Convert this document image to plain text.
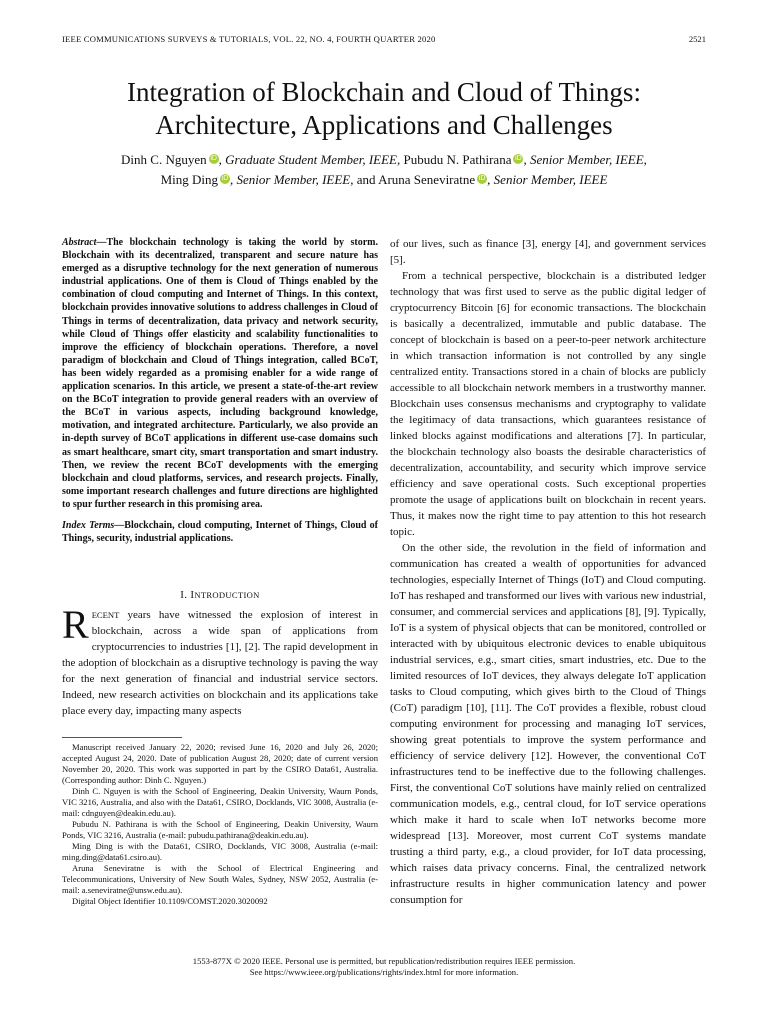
IEEE COMMUNICATIONS SURVEYS & TUTORIALS, VOL. 22, NO. 4, FOURTH QUARTER 2020	2521
Integration of Blockchain and Cloud of Things:
Architecture, Applications and Challenges
Dinh C. Nguyen iD , Graduate Student Member, IEEE, Pubudu N. Pathirana iD , Senior Member, IEEE,
Ming Ding iD , Senior Member, IEEE, and Aruna Seneviratne iD , Senior Member, IEEE

Abstract—The blockchain technology is taking the world by storm. Blockchain with its decentralized, transparent and secure nature has emerged as a disruptive technology for the next generation of numerous industrial applications. One of them is Cloud of Things enabled by the combination of cloud computing and Internet of Things. In this context, blockchain provides innovative solutions to address challenges in Cloud of Things in terms of decentralization, data privacy and network security, while Cloud of Things offer elasticity and scalability functionalities to improve the efficiency of blockchain operations. Therefore, a novel paradigm of blockchain and Cloud of Things integration, called BCoT, has been widely regarded as a promising enabler for a wide range of application scenarios. In this article, we present a state-of-the-art review on the BCoT integration to provide general readers with an overview of the BCoT in various aspects, including background knowledge, motivation, and integrated architecture. Particularly, we also provide an in-depth survey of BCoT applications in different use-case domains such as smart healthcare, smart city, smart transportation and smart industry. Then, we review the recent BCoT developments with the emerging blockchain and cloud platforms, services, and research projects. Finally, some important research challenges and future directions are highlighted to spur further research in this promising area.

Index Terms—Blockchain, cloud computing, Internet of Things, Cloud of Things, security, industrial applications.

I. INTRODUCTION

RECENT years have witnessed the explosion of interest in blockchain, across a wide span of applications from cryptocurrencies to industries [1], [2]. The rapid development in the adoption of blockchain as a disruptive technology is paving the way for the next generation of financial and industrial service sectors. Indeed, new research activities on blockchain and its applications take place every day, impacting many aspects

Manuscript received January 22, 2020; revised June 16, 2020 and July 26, 2020; accepted August 24, 2020. Date of publication August 28, 2020; date of current version November 20, 2020. This work was supported in part by the CSIRO Data61, Australia. (Corresponding author: Dinh C. Nguyen.)

Dinh C. Nguyen is with the School of Engineering, Deakin University, Waurn Ponds, VIC 3216, Australia, and also with the Data61, CSIRO, Docklands, VIC 3008, Australia (e-mail: cdnguyen@deakin.edu.au).

Pubudu N. Pathirana is with the School of Engineering, Deakin University, Waurn Ponds, VIC 3216, Australia (e-mail: pubudu.pathirana@deakin.edu.au).

Ming Ding is with the Data61, CSIRO, Docklands, VIC 3008, Australia (e-mail: ming.ding@data61.csiro.au).

Aruna Seneviratne is with the School of Electrical Engineering and Telecommunications, University of New South Wales, Sydney, NSW 2052, Australia (e-mail: a.seneviratne@unsw.edu.au).

Digital Object Identifier 10.1109/COMST.2020.3020092

of our lives, such as finance [3], energy [4], and government services [5].

From a technical perspective, blockchain is a distributed ledger technology that was first used to serve as the public digital ledger of cryptocurrency Bitcoin [6] for economic transactions. The blockchain is basically a decentralized, immutable and public database. The concept of blockchain is based on a peer-to-peer network architecture in which transaction information is not controlled by any single centralized entity. Transactions stored in a chain of blocks are publicly accessible to all blockchain network members in a trustworthy manner. Blockchain uses consensus mechanisms and cryptography to validate the legitimacy of data transactions, which guarantees resistance of linked blocks against modifications and alterations [7]. In particular, the blockchain technology also boasts the desirable characteristics of decentralization, accountability, and security which improve service efficiency and save operational costs. Such exceptional properties promote the usage of applications built on blockchain in recent years. Thus, it makes now the right time to pay attention to this hot research topic.

On the other side, the revolution in the field of information and communication has created a wealth of opportunities for advanced technologies, especially Internet of Things (IoT) and Cloud computing. IoT has reshaped and transformed our lives with various new industrial, consumer, and commercial services and applications [8], [9]. Typically, IoT is a system of physical objects that can be monitored, controlled or interacted with by ubiquitous electronic devices to enable ubiquitous industrial services, e.g., smart cities, smart industries, etc. Due to the limited resources of IoT devices, they always delegate IoT application tasks to Cloud computing, which gives birth to the Cloud of Things (CoT) paradigm [10], [11]. The CoT provides a flexible, robust cloud computing environment for processing and managing IoT services, showing great potentials to improve the system performance and efficiency of service delivery [12]. However, the conventional CoT infrastructures tend to be ineffective due to the following challenges. First, the conventional CoT solutions have mainly relied on centralized communication models, e.g., central cloud, for IoT service operations which make it hard to scale when IoT networks become more widespread [13]. Moreover, most current CoT systems mandate trusting a third party, e.g., a cloud provider, for IoT data processing, which raises data privacy concerns. Final, the centralized network infrastructure results in higher communication latency and power consumption for

1553-877X © 2020 IEEE. Personal use is permitted, but republication/redistribution requires IEEE permission.
See https://www.ieee.org/publications/rights/index.html for more information.
